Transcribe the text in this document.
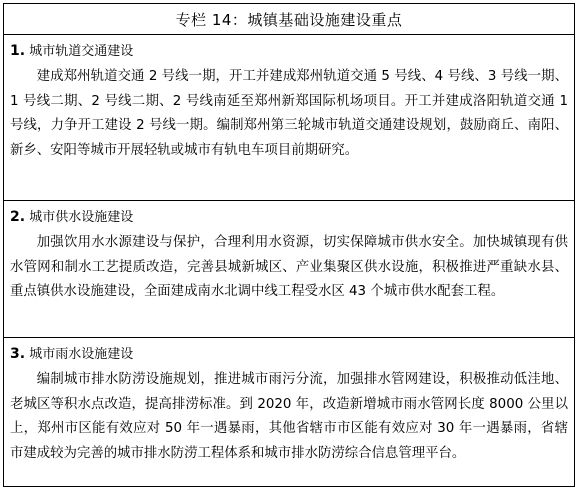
专栏 14：城镇基础设施建设重点
1. 城市轨道交通建设

建成郑州轨道交通 2 号线一期，开工并建成郑州轨道交通 5 号线、4 号线、3 号线一期、1 号线二期、2 号线二期、2 号线南延至郑州新郑国际机场项目。开工并建成洛阳轨道交通 1 号线，力争开工建设 2 号线一期。编制郑州第三轮城市轨道交通建设规划，鼓励商丘、南阳、新乡、安阳等城市开展轻轨或城市有轨电车项目前期研究。

2. 城市供水设施建设

加强饮用水水源建设与保护，合理利用水资源，切实保障城市供水安全。加快城镇现有供水管网和制水工艺提质改造，完善县城新城区、产业集聚区供水设施，积极推进严重缺水县、重点镇供水设施建设，全面建成南水北调中线工程受水区 43 个城市供水配套工程。

3. 城市雨水设施建设

编制城市排水防涝设施规划，推进城市雨污分流，加强排水管网建设，积极推动低洼地、老城区等积水点改造，提高排涝标准。到 2020 年，改造新增城市雨水管网长度 8000 公里以上，郑州市区能有效应对 50 年一遇暴雨，其他省辖市市区能有效应对 30 年一遇暴雨，省辖市建成较为完善的城市排水防涝工程体系和城市排水防涝综合信息管理平台。
